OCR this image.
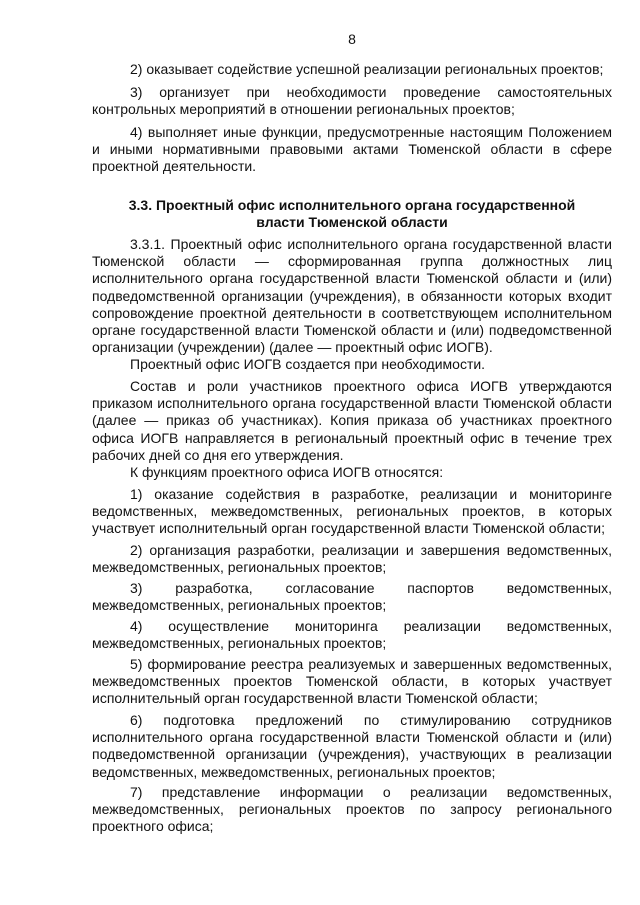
8

2) оказывает содействие успешной реализации региональных проектов;

3) организует при необходимости проведение самостоятельных контрольных мероприятий в отношении региональных проектов;

4) выполняет иные функции, предусмотренные настоящим Положением и иными нормативными правовыми актами Тюменской области в сфере проектной деятельности.

3.3. Проектный офис исполнительного органа государственной
власти Тюменской области

3.3.1. Проектный офис исполнительного органа государственной власти Тюменской области — сформированная группа должностных лиц исполнительного органа государственной власти Тюменской области и (или) подведомственной организации (учреждения), в обязанности которых входит сопровождение проектной деятельности в соответствующем исполнительном органе государственной власти Тюменской области и (или) подведомственной организации (учреждении) (далее — проектный офис ИОГВ).

Проектный офис ИОГВ создается при необходимости.

Состав и роли участников проектного офиса ИОГВ утверждаются приказом исполнительного органа государственной власти Тюменской области (далее — приказ об участниках). Копия приказа об участниках проектного офиса ИОГВ направляется в региональный проектный офис в течение трех рабочих дней со дня его утверждения.

К функциям проектного офиса ИОГВ относятся:

1) оказание содействия в разработке, реализации и мониторинге ведомственных, межведомственных, региональных проектов, в которых участвует исполнительный орган государственной власти Тюменской области;

2) организация разработки, реализации и завершения ведомственных, межведомственных, региональных проектов;

3) разработка, согласование паспортов ведомственных, межведомственных, региональных проектов;

4) осуществление мониторинга реализации ведомственных, межведомственных, региональных проектов;

5) формирование реестра реализуемых и завершенных ведомственных, межведомственных проектов Тюменской области, в которых участвует исполнительный орган государственной власти Тюменской области;

6) подготовка предложений по стимулированию сотрудников исполнительного органа государственной власти Тюменской области и (или) подведомственной организации (учреждения), участвующих в реализации ведомственных, межведомственных, региональных проектов;

7) представление информации о реализации ведомственных, межведомственных, региональных проектов по запросу регионального проектного офиса;
